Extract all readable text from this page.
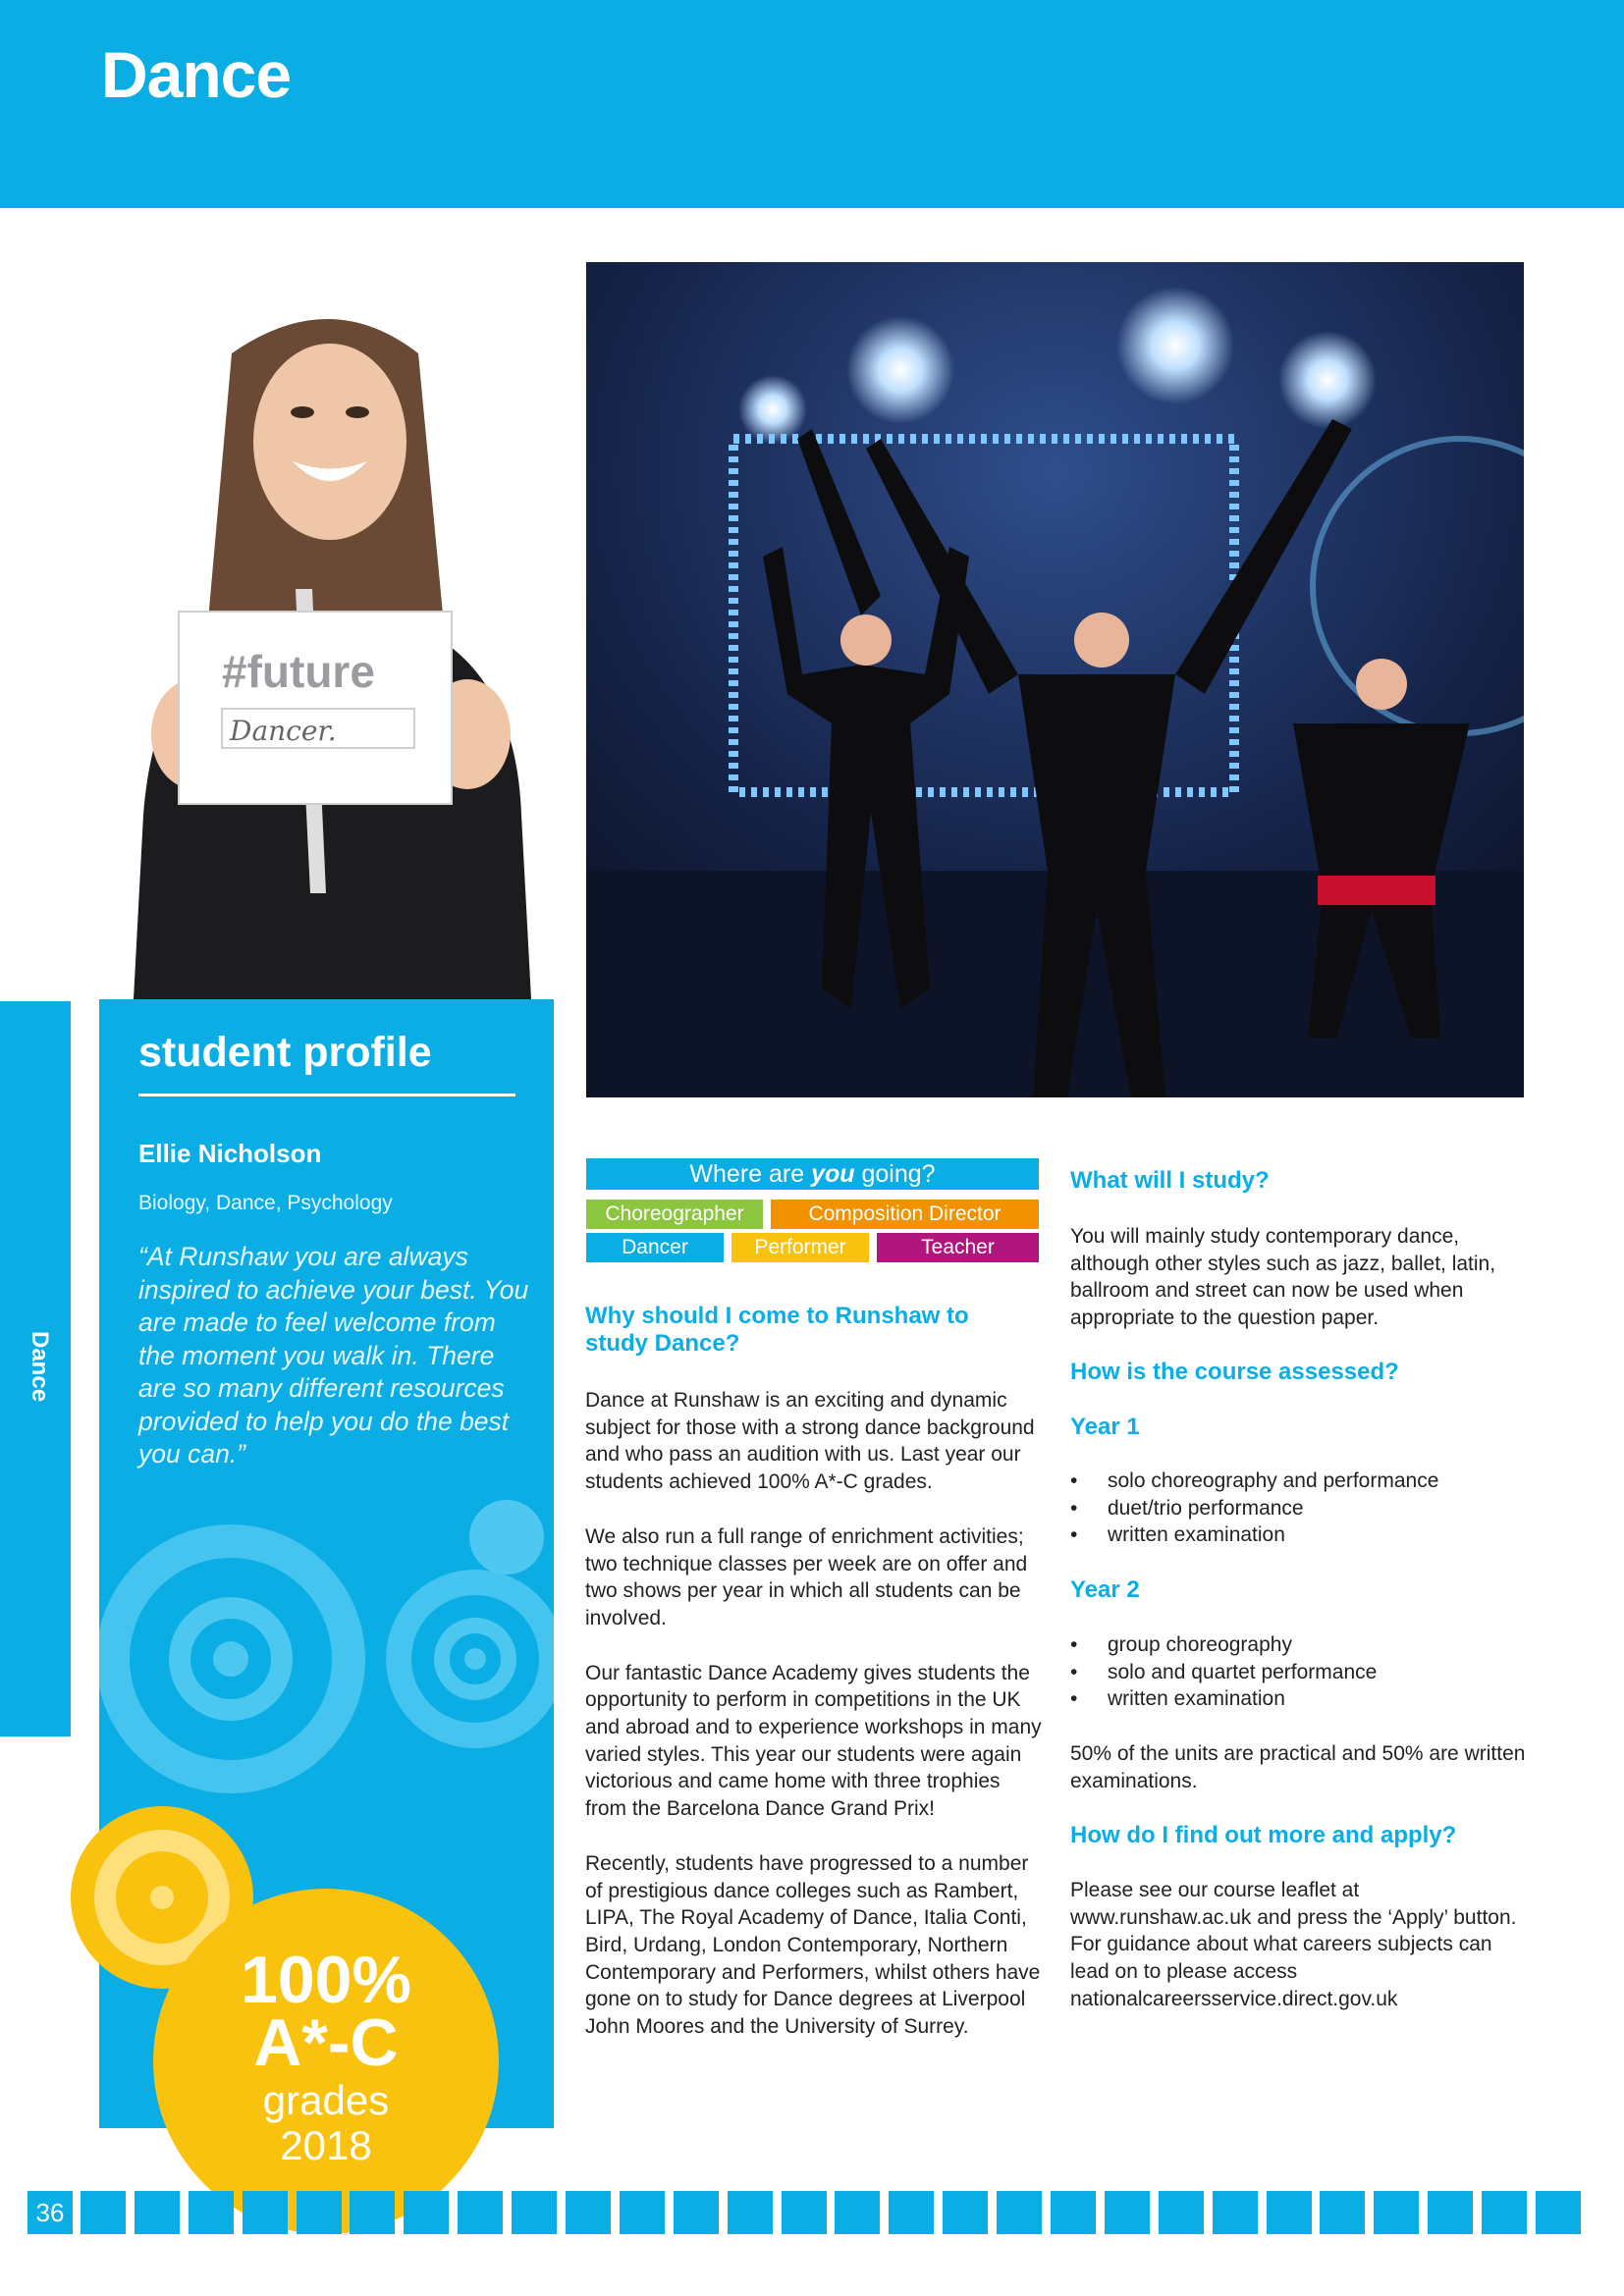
Dance
Dance
student profile
Ellie Nicholson
Biology, Dance, Psychology
“At Runshaw you are always inspired to achieve your best. You are made to feel welcome from the moment you walk in. There are so many different resources provided to help you do the best you can.”
#future
Dancer.
Where are you going?
Choreographer	Composition Director
Dancer	Performer	Teacher
Why should I come to Runshaw to study Dance?

Dance at Runshaw is an exciting and dynamic subject for those with a strong dance background and who pass an audition with us. Last year our students achieved 100% A*-C grades.

We also run a full range of enrichment activities; two technique classes per week are on offer and two shows per year in which all students can be involved.

Our fantastic Dance Academy gives students the opportunity to perform in competitions in the UK and abroad and to experience workshops in many varied styles. This year our students were again victorious and came home with three trophies from the Barcelona Dance Grand Prix!

Recently, students have progressed to a number of prestigious dance colleges such as Rambert, LIPA, The Royal Academy of Dance, Italia Conti, Bird, Urdang, London Contemporary, Northern Contemporary and Performers, whilst others have gone on to study for Dance degrees at Liverpool John Moores and the University of Surrey.

What will I study?
You will mainly study contemporary dance, although other styles such as jazz, ballet, latin, ballroom and street can now be used when appropriate to the question paper.
How is the course assessed?
Year 1
• solo choreography and performance
• duet/trio performance
• written examination
Year 2
• group choreography
• solo and quartet performance
• written examination
50% of the units are practical and 50% are written examinations.
How do I find out more and apply?
Please see our course leaflet at www.runshaw.ac.uk and press the ‘Apply’ button. For guidance about what careers subjects can lead on to please access nationalcareersservice.direct.gov.uk
100%
A*-C
grades
2018
36
